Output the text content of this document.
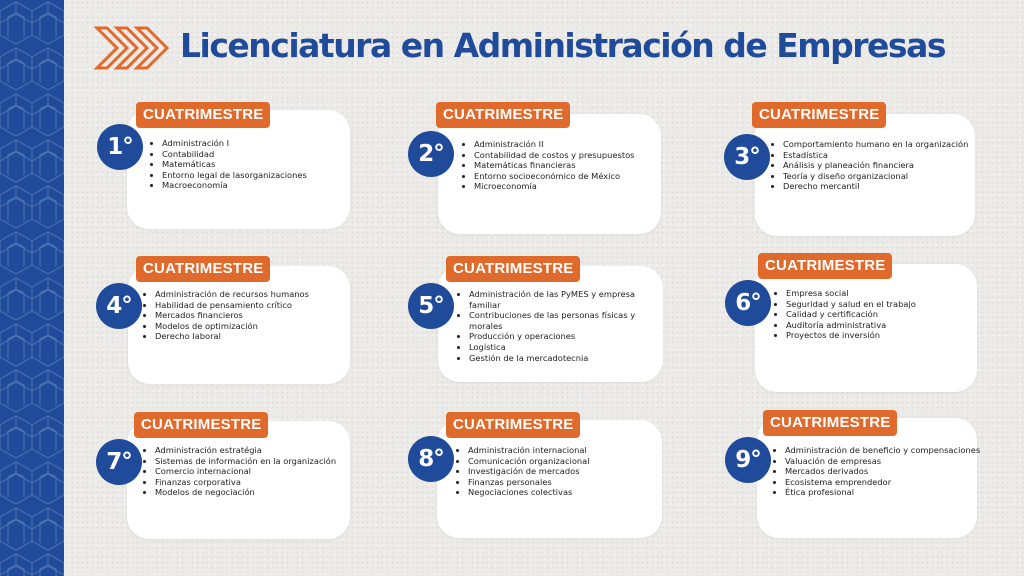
Licenciatura en Administración de Empresas
CUATRIMESTRE
1°	• Administración I
• Contabilidad
• Matemáticas
• Entorno legal de lasorganizaciones
• Macroeconomía
CUATRIMESTRE
2°	• Administración II
• Contabilidad de costos y presupuestos
• Matemáticas financieras
• Entorno socioeconómico de México
• Microeconomía
CUATRIMESTRE
3°	• Comportamiento humano en la organización
• Estadística
• Análisis y planeación financiera
• Teoría y diseño organizacional
• Derecho mercantil
CUATRIMESTRE
4°	• Administración de recursos humanos
• Habilidad de pensamiento crítico
• Mercados financieros
• Modelos de optimización
• Derecho laboral
CUATRIMESTRE
5°	• Administración de las PyMES y empresa familiar
• Contribuciones de las personas físicas y morales
• Producción y operaciones
• Logística
• Gestión de la mercadotecnia
CUATRIMESTRE
6°	• Empresa social
• Seguridad y salud en el trabajo
• Calidad y certificación
• Auditoría administrativa
• Proyectos de inversión
CUATRIMESTRE
7°	• Administración estratégia
• Sistemas de información en la organización
• Comercio internacional
• Finanzas corporativa
• Modelos de negociación
CUATRIMESTRE
8°	• Administración internacional
• Comunicación organizacional
• Investigación de mercados
• Finanzas personales
• Negociaciones colectivas
CUATRIMESTRE
9°	• Administración de beneficio y compensaciones
• Valuación de empresas
• Mercados derivados
• Ecosistema emprendedor
• Ética profesional
